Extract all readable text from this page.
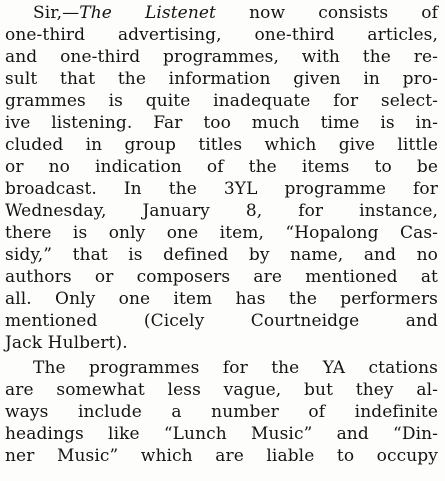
Sir,—The Listenet now consists of
one-third advertising, one-third articles,
and one-third programmes, with the re-
sult that the information given in pro-
grammes is quite inadequate for select-
ive listening. Far too much time is in-
cluded in group titles which give little
or no indication of the items to be
broadcast. In the 3YL programme for
Wednesday, January 8, for instance,
there is only one item, “Hopalong Cas-
sidy,” that is defined by name, and no
authors or composers are mentioned at
all. Only one item has the performers
mentioned (Cicely Courtneidge and
Jack Hulbert).
The programmes for the YA ctations
are somewhat less vague, but they al-
ways include a number of indefinite
headings like “Lunch Music” and “Din-
ner Music” which are liable to occupy
